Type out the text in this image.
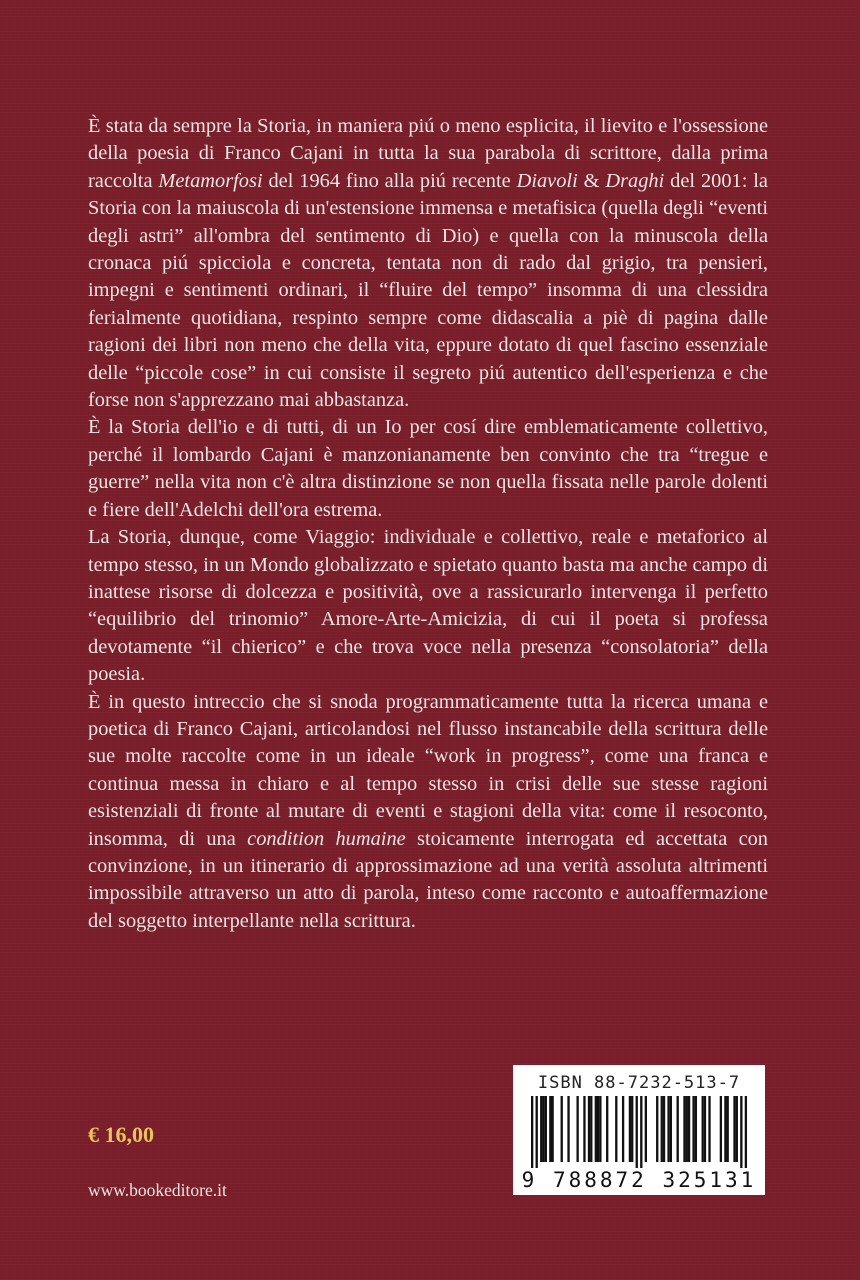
È stata da sempre la Storia, in maniera piú o meno esplicita, il lievito e l'ossessione della poesia di Franco Cajani in tutta la sua parabola di scrittore, dalla prima raccolta Metamorfosi del 1964 fino alla piú recente Diavoli & Draghi del 2001: la Storia con la maiuscola di un'estensione immensa e metafisica (quella degli “eventi degli astri” all'ombra del sentimento di Dio) e quella con la minuscola della cronaca piú spicciola e concreta, tentata non di rado dal grigio, tra pensieri, impegni e sentimenti ordinari, il “fluire del tempo” insomma di una clessidra ferialmente quotidiana, respinto sempre come didascalia a piè di pagina dalle ragioni dei libri non meno che della vita, eppure dotato di quel fascino essenziale delle “piccole cose” in cui consiste il segreto piú autentico dell'esperienza e che forse non s'apprezzano mai abbastanza.

È la Storia dell'io e di tutti, di un Io per cosí dire emblematicamente collettivo, perché il lombardo Cajani è manzonianamente ben convinto che tra “tregue e guerre” nella vita non c'è altra distinzione se non quella fissata nelle parole dolenti e fiere dell'Adelchi dell'ora estrema.

La Storia, dunque, come Viaggio: individuale e collettivo, reale e metaforico al tempo stesso, in un Mondo globalizzato e spietato quanto basta ma anche campo di inattese risorse di dolcezza e positività, ove a rassicurarlo intervenga il perfetto “equilibrio del trinomio” Amore-Arte-Amicizia, di cui il poeta si professa devotamente “il chierico” e che trova voce nella presenza “consolatoria” della poesia.

È in questo intreccio che si snoda programmaticamente tutta la ricerca umana e poetica di Franco Cajani, articolandosi nel flusso instancabile della scrittura delle sue molte raccolte come in un ideale “work in progress”, come una franca e continua messa in chiaro e al tempo stesso in crisi delle sue stesse ragioni esistenziali di fronte al mutare di eventi e stagioni della vita: come il resoconto, insomma, di una condition humaine stoicamente interrogata ed accettata con convinzione, in un itinerario di approssimazione ad una verità assoluta altrimenti impossibile attraverso un atto di parola, inteso come racconto e autoaffermazione del soggetto interpellante nella scrittura.

€ 16,00
www.bookeditore.it
ISBN 88-7232-513-7
9 788872 325131
